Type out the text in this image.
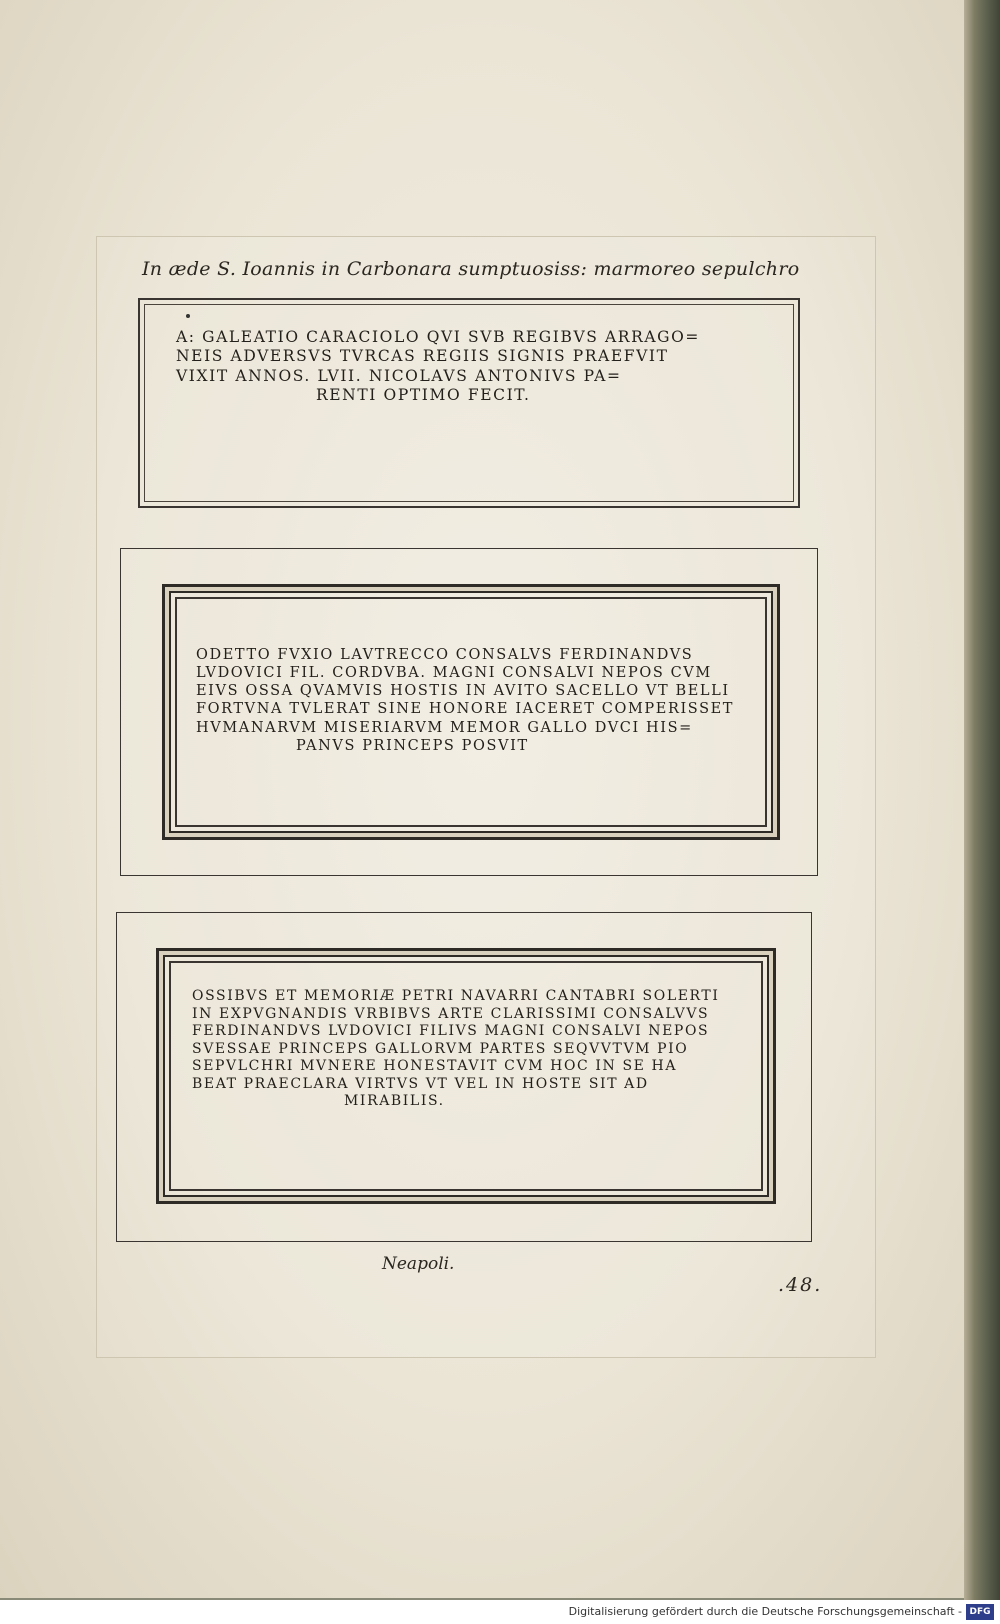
In æde S. Ioannis in Carbonara sumptuosiss: marmoreo sepulchro
A: GALEATIO CARACIOLO QVI SVB REGIBVS ARRAGO=
NEIS ADVERSVS TVRCAS REGIIS SIGNIS PRAEFVIT
VIXIT ANNOS. LVII. NICOLAVS ANTONIVS PA=
RENTI OPTIMO FECIT.
ODETTO FVXIO LAVTRECCO CONSALVS FERDINANDVS
LVDOVICI FIL. CORDVBA. MAGNI CONSALVI NEPOS CVM
EIVS OSSA QVAMVIS HOSTIS IN AVITO SACELLO VT BELLI
FORTVNA TVLERAT SINE HONORE IACERET COMPERISSET
HVMANARVM MISERIARVM MEMOR GALLO DVCI HIS=
PANVS PRINCEPS POSVIT
OSSIBVS ET MEMORIÆ PETRI NAVARRI CANTABRI SOLERTI
IN EXPVGNANDIS VRBIBVS ARTE CLARISSIMI CONSALVVS
FERDINANDVS LVDOVICI FILIVS MAGNI CONSALVI NEPOS
SVESSAE PRINCEPS GALLORVM PARTES SEQVVTVM PIO
SEPVLCHRI MVNERE HONESTAVIT CVM HOC IN SE HA
BEAT PRAECLARA VIRTVS VT VEL IN HOSTE SIT AD
MIRABILIS.
Neapoli.
.48.
Digitalisierung gefördert durch die Deutsche Forschungsgemeinschaft - DFG
